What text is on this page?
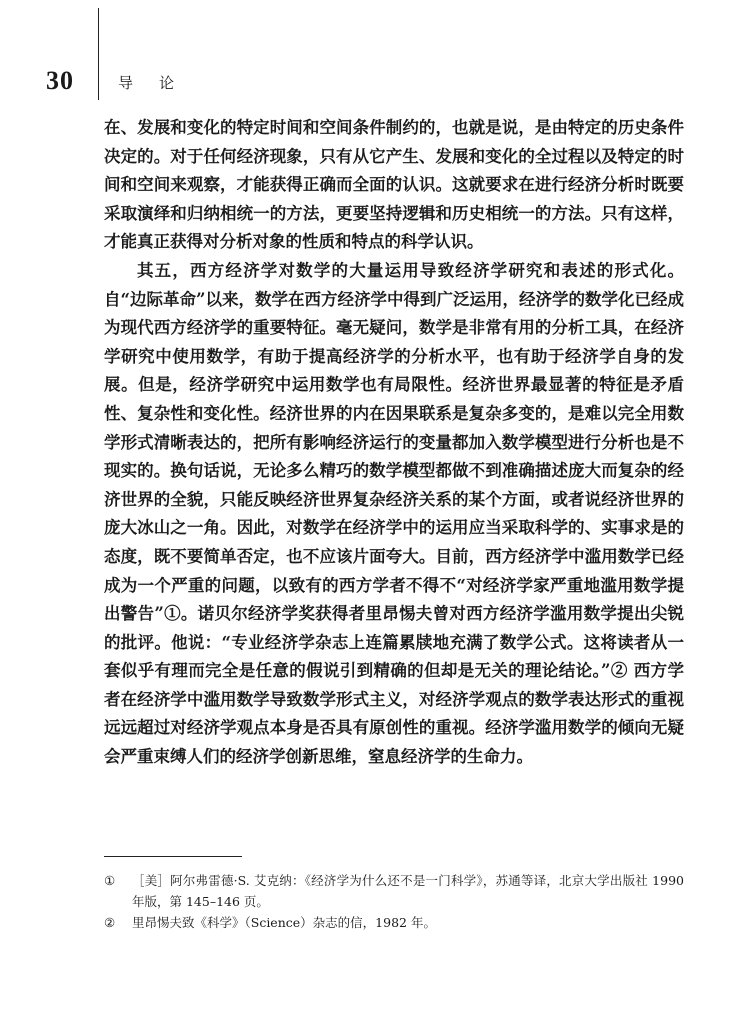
30	导论

在、发展和变化的特定时间和空间条件制约的，也就是说，是由特定的历史条件决定的。对于任何经济现象，只有从它产生、发展和变化的全过程以及特定的时间和空间来观察，才能获得正确而全面的认识。这就要求在进行经济分析时既要采取演绎和归纳相统一的方法，更要坚持逻辑和历史相统一的方法。只有这样，才能真正获得对分析对象的性质和特点的科学认识。

其五，西方经济学对数学的大量运用导致经济学研究和表述的形式化。自“边际革命”以来，数学在西方经济学中得到广泛运用，经济学的数学化已经成为现代西方经济学的重要特征。毫无疑问，数学是非常有用的分析工具，在经济学研究中使用数学，有助于提高经济学的分析水平，也有助于经济学自身的发展。但是，经济学研究中运用数学也有局限性。经济世界最显著的特征是矛盾性、复杂性和变化性。经济世界的内在因果联系是复杂多变的，是难以完全用数学形式清晰表达的，把所有影响经济运行的变量都加入数学模型进行分析也是不现实的。换句话说，无论多么精巧的数学模型都做不到准确描述庞大而复杂的经济世界的全貌，只能反映经济世界复杂经济关系的某个方面，或者说经济世界的庞大冰山之一角。因此，对数学在经济学中的运用应当采取科学的、实事求是的态度，既不要简单否定，也不应该片面夸大。目前，西方经济学中滥用数学已经成为一个严重的问题，以致有的西方学者不得不“对经济学家严重地滥用数学提出警告”①。诺贝尔经济学奖获得者里昂惕夫曾对西方经济学滥用数学提出尖锐的批评。他说：“专业经济学杂志上连篇累牍地充满了数学公式。这将读者从一套似乎有理而完全是任意的假说引到精确的但却是无关的理论结论。”② 西方学者在经济学中滥用数学导致数学形式主义，对经济学观点的数学表达形式的重视远远超过对经济学观点本身是否具有原创性的重视。经济学滥用数学的倾向无疑会严重束缚人们的经济学创新思维，窒息经济学的生命力。

① ［美］阿尔弗雷德·S. 艾克纳：《经济学为什么还不是一门科学》，苏通等译，北京大学出版社 1990 年版，第 145–146 页。
② 里昂惕夫致《科学》（Science）杂志的信，1982 年。
